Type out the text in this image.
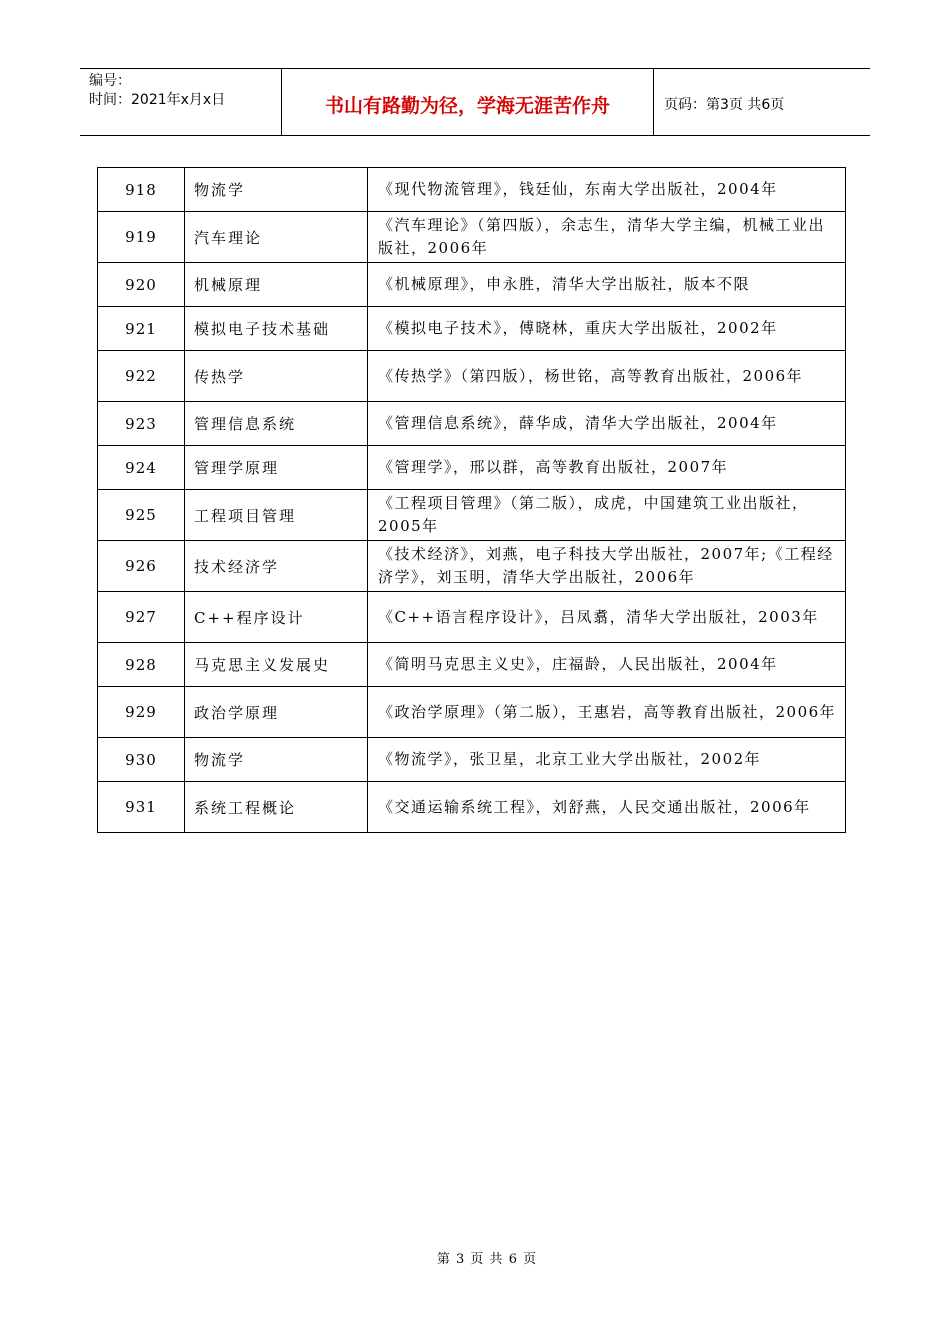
编号：
时间：2021年x月x日	书山有路勤为径，学海无涯苦作舟	页码：第3页 共6页
918	物流学	《现代物流管理》，钱廷仙，东南大学出版社，2004年
919	汽车理论	《汽车理论》（第四版），余志生，清华大学主编，机械工业出版社，2006年
920	机械原理	《机械原理》，申永胜，清华大学出版社，版本不限
921	模拟电子技术基础	《模拟电子技术》，傅晓林，重庆大学出版社，2002年
922	传热学	《传热学》（第四版），杨世铭，高等教育出版社，2006年
923	管理信息系统	《管理信息系统》，薛华成，清华大学出版社，2004年
924	管理学原理	《管理学》，邢以群，高等教育出版社，2007年
925	工程项目管理	《工程项目管理》（第二版），成虎，中国建筑工业出版社，2005年
926	技术经济学	《技术经济》，刘燕，电子科技大学出版社，2007年;《工程经济学》，刘玉明，清华大学出版社，2006年
927	C++程序设计	《C++语言程序设计》，吕凤翥，清华大学出版社，2003年
928	马克思主义发展史	《简明马克思主义史》，庄福龄，人民出版社，2004年
929	政治学原理	《政治学原理》（第二版），王惠岩，高等教育出版社，2006年
930	物流学	《物流学》，张卫星，北京工业大学出版社，2002年
931	系统工程概论	《交通运输系统工程》，刘舒燕，人民交通出版社，2006年
第 3 页 共 6 页
